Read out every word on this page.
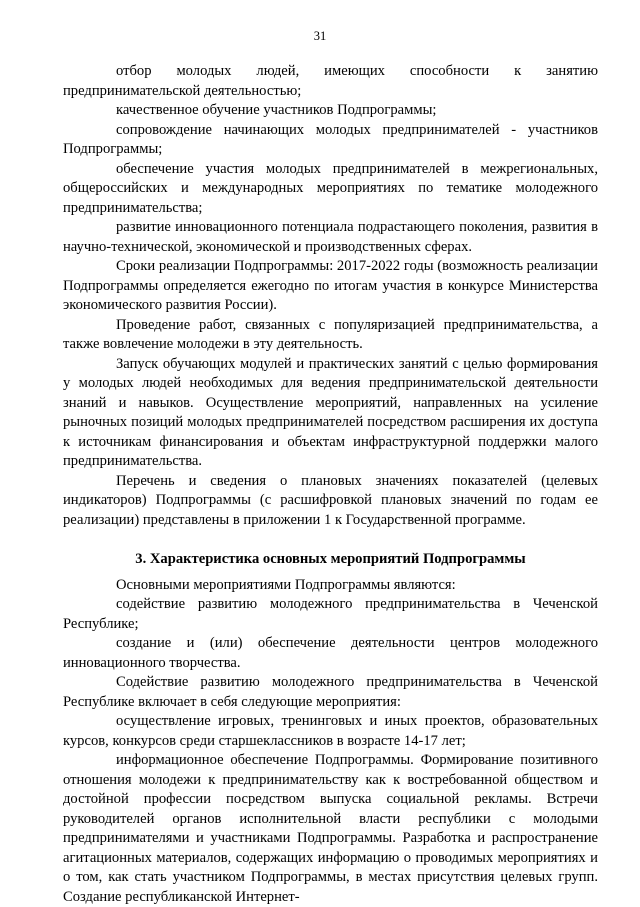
31

отбор молодых людей, имеющих способности к занятию предпринимательской деятельностью;

качественное обучение участников Подпрограммы;

сопровождение начинающих молодых предпринимателей - участников Подпрограммы;

обеспечение участия молодых предпринимателей в межрегиональных, общероссийских и международных мероприятиях по тематике молодежного предпринимательства;

развитие инновационного потенциала подрастающего поколения, развития в научно-технической, экономической и производственных сферах.

Сроки реализации Подпрограммы: 2017-2022 годы (возможность реализации Подпрограммы определяется ежегодно по итогам участия в конкурсе Министерства экономического развития России).

Проведение работ, связанных с популяризацией предпринимательства, а также вовлечение молодежи в эту деятельность.

Запуск обучающих модулей и практических занятий с целью формирования у молодых людей необходимых для ведения предпринимательской деятельности знаний и навыков. Осуществление мероприятий, направленных на усиление рыночных позиций молодых предпринимателей посредством расширения их доступа к источникам финансирования и объектам инфраструктурной поддержки малого предпринимательства.

Перечень и сведения о плановых значениях показателей (целевых индикаторов) Подпрограммы (с расшифровкой плановых значений по годам ее реализации) представлены в приложении 1 к Государственной программе.

3. Характеристика основных мероприятий Подпрограммы

Основными мероприятиями Подпрограммы являются:

содействие развитию молодежного предпринимательства в Чеченской Республике;

создание и (или) обеспечение деятельности центров молодежного инновационного творчества.

Содействие развитию молодежного предпринимательства в Чеченской Республике включает в себя следующие мероприятия:

осуществление игровых, тренинговых и иных проектов, образовательных курсов, конкурсов среди старшеклассников в возрасте 14-17 лет;

информационное обеспечение Подпрограммы. Формирование позитивного отношения молодежи к предпринимательству как к востребованной обществом и достойной профессии посредством выпуска социальной рекламы. Встречи руководителей органов исполнительной власти республики с молодыми предпринимателями и участниками Подпрограммы. Разработка и распространение агитационных материалов, содержащих информацию о проводимых мероприятиях и о том, как стать участником Подпрограммы, в местах присутствия целевых групп. Создание республиканской Интернет-
